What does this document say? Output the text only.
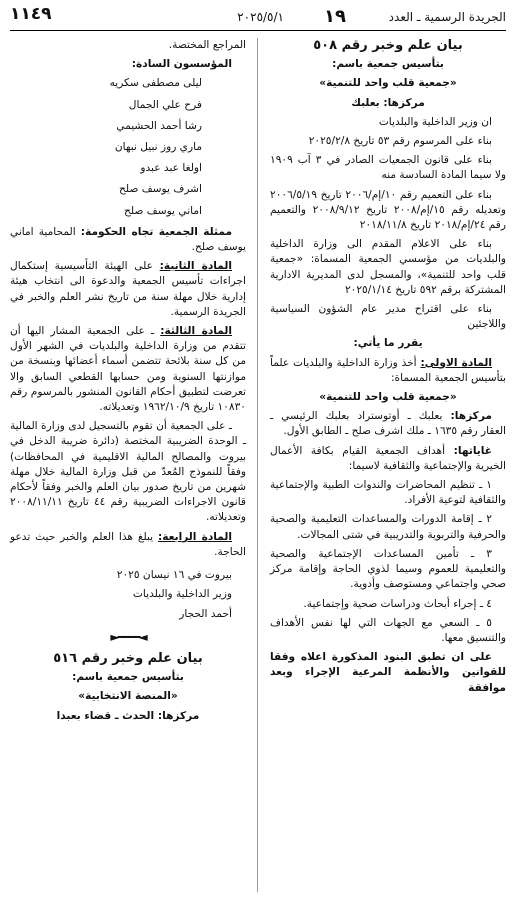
الجريدة الرسمية ـ العدد
١٩
٢٠٢٥/٥/١
١١٤٩

بيان علم وخبر رقم ٥٠٨

بتأسيس جمعية باسم:

«جمعية قلب واحد للتنمية»

مركزها: بعلبك

ان وزير الداخلية والبلديات

بناء على المرسوم رقم ٥٣ تاريخ ٢٠٢٥/٢/٨

بناء على قانون الجمعيات الصادر في ٣ آب ١٩٠٩ ولا سيما المادة السادسة منه

بناء على التعميم رقم ١٠/إم/٢٠٠٦ تاريخ ٢٠٠٦/٥/١٩ وتعديله رقم ١٥/إم/٢٠٠٨ تاريخ ٢٠٠٨/٩/١٢ والتعميم رقم ٢٤/إم/٢٠١٨ تاريخ ٢٠١٨/١١/٨

بناء على الاعلام المقدم الى وزارة الداخلية والبلديات من مؤسسي الجمعية المسماة: «جمعية قلب واحد للتنمية»، والمسجل لدى المديرية الادارية المشتركة برقم ٥٩٢ تاريخ ٢٠٢٥/١/١٤

بناء على اقتراح مدير عام الشؤون السياسية واللاجئين

يقرر ما يأتي:

المادة الاولى: أخذ وزارة الداخلية والبلديات علماً بتأسيس الجمعية المسماة:

«جمعية قلب واحد للتنمية»

مركزها: بعلبك ـ أوتوستراد بعلبك الرئيسي ـ العقار رقم ١٦٣٥ ـ ملك اشرف صلح ـ الطابق الأول.

غاياتها: أهداف الجمعية القيام بكافة الأعمال الخيرية والإجتماعية والثقافية لاسيما:

١ ـ تنظيم المحاضرات والندوات الطبية والإجتماعية والثقافية لتوعية الأفراد.

٢ ـ إقامة الدورات والمساعدات التعليمية والصحية والحرفية والتربوية والتدريبية في شتى المجالات.

٣ ـ تأمين المساعدات الإجتماعية والصحية والتعليمية للعموم وسيما لذوي الحاجة وإقامة مركز صحي واجتماعي ومستوصف وأدوية.

٤ ـ إجراء أبحاث ودراسات صحية وإجتماعية.

٥ ـ السعي مع الجهات التي لها نفس الأهداف والتنسيق معها.

على ان تطبق البنود المذكورة اعلاه وفقا للقوانين والأنظمة المرعية الإجراء وبعد موافقة

المراجع المختصة.

المؤسسون السادة:

ليلى مصطفى سكريه

فرح علي الجمال

رشا أحمد الحشيمي

ماري روز نبيل نبهان

اولغا عبد عبدو

اشرف يوسف صلح

اماني يوسف صلح

ممثلة الجمعية تجاه الحكومة: المحامية اماني يوسف صلح.

المادة الثانية: على الهيئة التأسيسية إستكمال اجراءات تأسيس الجمعية والدعوة الى انتخاب هيئة إدارية خلال مهلة سنة من تاريخ نشر العلم والخبر في الجريدة الرسمية.

المادة الثالثة: ـ على الجمعية المشار اليها أن تتقدم من وزارة الداخلية والبلديات في الشهر الأول من كل سنة بلائحة تتضمن أسماء أعضائها وبنسخة من موازنتها السنوية ومن حسابها القطعي السابق والا تعرضت لتطبيق أحكام القانون المنشور بالمرسوم رقم ١٠٨٣٠ تاريخ ١٩٦٢/١٠/٩ وتعديلاته.

ـ على الجمعية أن تقوم بالتسجيل لدى وزارة المالية ـ الوحدة الضريبية المختصة (دائرة ضريبة الدخل في بيروت والمصالح المالية الاقليمية في المحافظات) وفقاً للنموذج المُعدّ من قبل وزارة المالية خلال مهلة شهرين من تاريخ صدور بيان العلم والخبر وفقاً لأحكام قانون الاجراءات الضريبية رقم ٤٤ تاريخ ٢٠٠٨/١١/١١ وتعديلاته.

المادة الرابعة: يبلغ هذا العلم والخبر حيث تدعو الحاجة.

بيروت في ١٦ نيسان ٢٠٢٥

وزير الداخلية والبلديات

أحمد الحجار

◄━━━━►

بيان علم وخبر رقم ٥١٦

بتأسيس جمعية باسم:

«المنصة الانتخابية»

مركزها: الحدث ـ قضاء بعبدا
